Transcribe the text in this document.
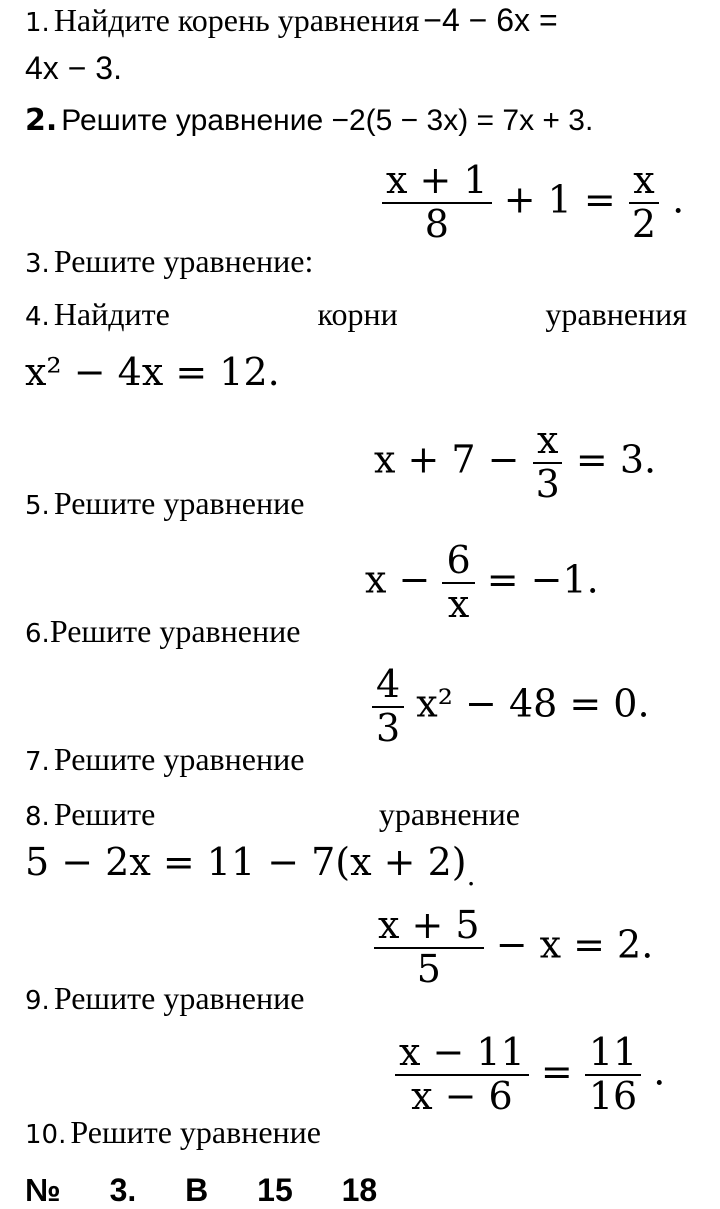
1. Найдите корень уравнения −4 − 6x =
4x − 3.
2. Решите уравнение −2(5 − 3x) = 7x + 3.
3. Решите уравнение:
$\frac{x + 1}{8} + 1 = \frac{x}{2}$ .
4. Найдите	корни	уравнения
x² − 4x = 12.
5. Решите уравнение
$x + 7 - \frac{x}{3} = 3$.
6.Решите уравнение
$x - \frac{6}{x} = -1$.
7. Решите уравнение
$\frac{4}{3} x^2 - 48 = 0$.
8. Решите	уравнение
$5 - 2x = 11 - 7(x + 2)_.$
9. Решите уравнение
$\frac{x + 5}{5} - x = 2$.
10. Решите уравнение
$\frac{x - 11}{x - 6} = \frac{11}{16}$ .
№ 3. В 15 18
